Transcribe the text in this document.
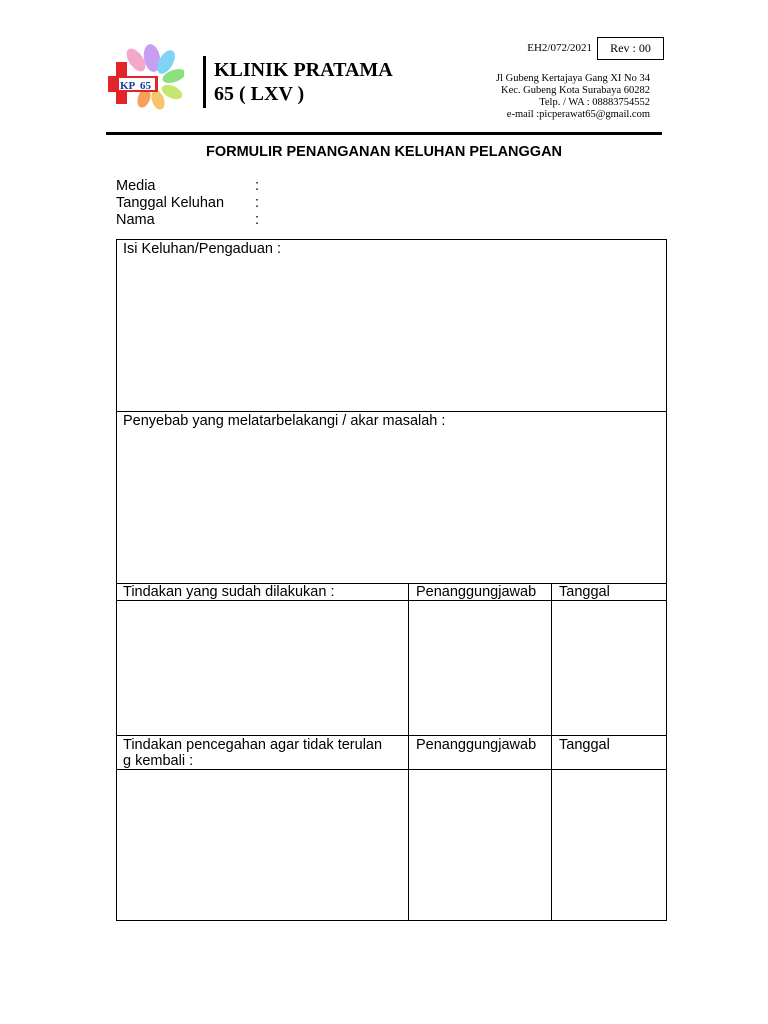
KP 65
KLINIK PRATAMA
65 ( LXV )
EH2/072/2021	Rev : 00
Jl Gubeng Kertajaya Gang XI No 34
Kec. Gubeng Kota Surabaya 60282
Telp. / WA : 08883754552
e-mail :picperawat65@gmail.com
FORMULIR PENANGANAN KELUHAN PELANGGAN
Media	:
Tanggal Keluhan :
Nama	:
Isi Keluhan/Pengaduan :
Penyebab yang melatarbelakangi / akar masalah :
Tindakan yang sudah dilakukan :	Penanggungjawab Tanggal
Tindakan pencegahan agar tidak terulan
g kembali :
Penanggungjawab Tanggal
